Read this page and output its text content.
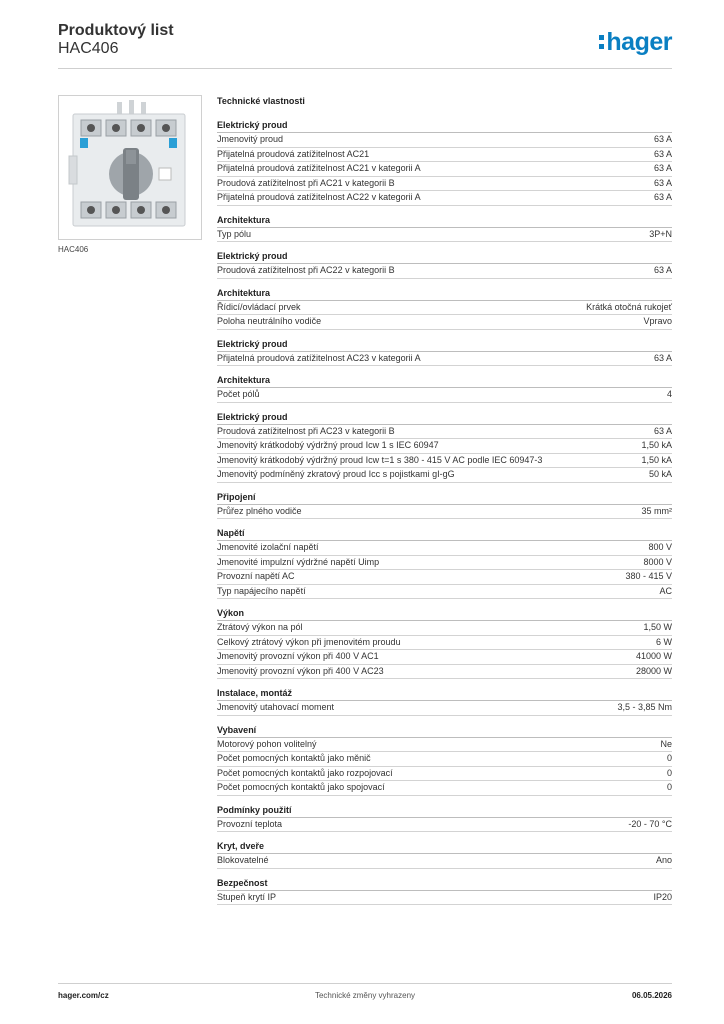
Produktový list
HAC406	hager
HAC406
Technické vlastnosti
Elektrický proud
Jmenovitý proud	63 A
Přijatelná proudová zatížitelnost AC21	63 A
Přijatelná proudová zatížitelnost AC21 v kategorii A	63 A
Proudová zatížitelnost při AC21 v kategorii B	63 A
Přijatelná proudová zatížitelnost AC22 v kategorii A	63 A
Architektura
Typ pólu	3P+N
Elektrický proud
Proudová zatížitelnost při AC22 v kategorii B	63 A
Architektura
Řídicí/ovládací prvek	Krátká otočná rukojeť
Poloha neutrálního vodiče	Vpravo
Elektrický proud
Přijatelná proudová zatížitelnost AC23 v kategorii A	63 A
Architektura
Počet pólů	4
Elektrický proud
Proudová zatížitelnost při AC23 v kategorii B	63 A
Jmenovitý krátkodobý výdržný proud Icw 1 s IEC 60947	1,50 kA
Jmenovitý krátkodobý výdržný proud Icw t=1 s 380 - 415 V AC podle IEC 60947-3	1,50 kA
Jmenovitý podmíněný zkratový proud Icc s pojistkami gI-gG	50 kA
Připojení
Průřez plného vodiče	35 mm²
Napětí
Jmenovité izolační napětí	800 V
Jmenovité impulzní výdržné napětí Uimp	8000 V
Provozní napětí AC	380 - 415 V
Typ napájecího napětí	AC
Výkon
Ztrátový výkon na pól	1,50 W
Celkový ztrátový výkon při jmenovitém proudu	6 W
Jmenovitý provozní výkon při 400 V AC1	41000 W
Jmenovitý provozní výkon při 400 V AC23	28000 W
Instalace, montáž
Jmenovitý utahovací moment	3,5 - 3,85 Nm
Vybavení
Motorový pohon volitelný	Ne
Počet pomocných kontaktů jako měnič	0
Počet pomocných kontaktů jako rozpojovací	0
Počet pomocných kontaktů jako spojovací	0
Podmínky použití
Provozní teplota	-20 - 70 °C
Kryt, dveře
Blokovatelné	Ano
Bezpečnost
Stupeň krytí IP	IP20
hager.com/cz	Technické změny vyhrazeny	06.05.2026
